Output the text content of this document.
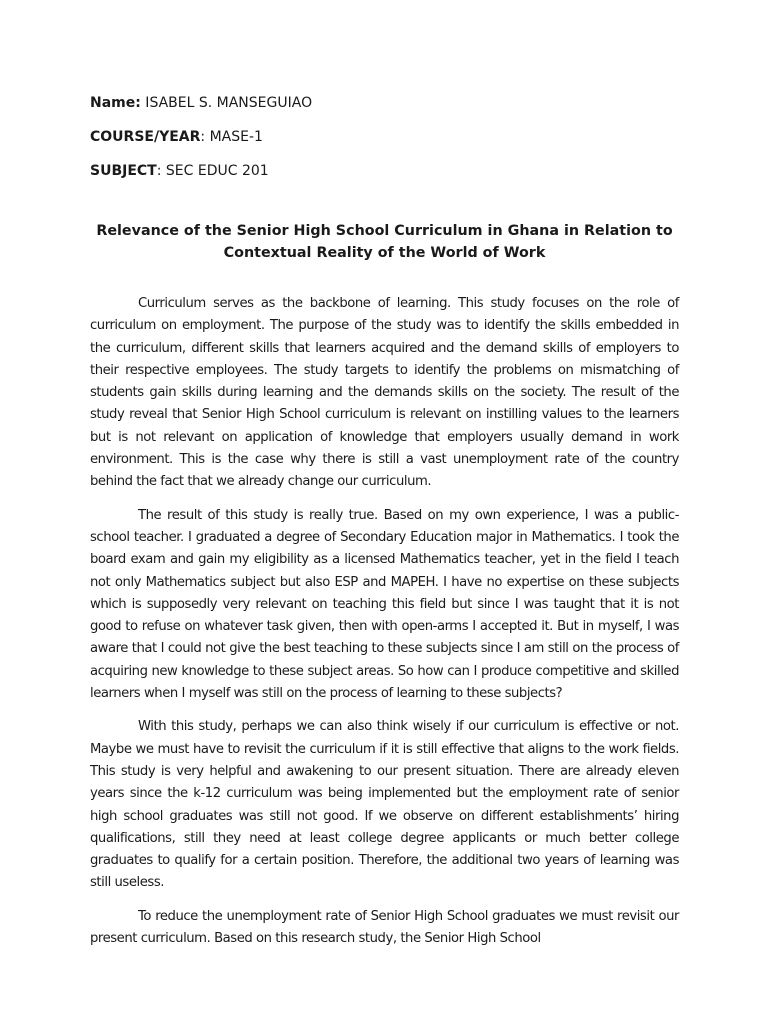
Name: ISABEL S. MANSEGUIAO
COURSE/YEAR: MASE-1
SUBJECT: SEC EDUC 201
Relevance of the Senior High School Curriculum in Ghana in Relation to
Contextual Reality of the World of Work

Curriculum serves as the backbone of learning. This study focuses on the role of curriculum on employment. The purpose of the study was to identify the skills embedded in the curriculum, different skills that learners acquired and the demand skills of employers to their respective employees. The study targets to identify the problems on mismatching of students gain skills during learning and the demands skills on the society. The result of the study reveal that Senior High School curriculum is relevant on instilling values to the learners but is not relevant on application of knowledge that employers usually demand in work environment. This is the case why there is still a vast unemployment rate of the country behind the fact that we already change our curriculum.

The result of this study is really true. Based on my own experience, I was a public-school teacher. I graduated a degree of Secondary Education major in Mathematics. I took the board exam and gain my eligibility as a licensed Mathematics teacher, yet in the field I teach not only Mathematics subject but also ESP and MAPEH. I have no expertise on these subjects which is supposedly very relevant on teaching this field but since I was taught that it is not good to refuse on whatever task given, then with open-arms I accepted it. But in myself, I was aware that I could not give the best teaching to these subjects since I am still on the process of acquiring new knowledge to these subject areas. So how can I produce competitive and skilled learners when I myself was still on the process of learning to these subjects?

With this study, perhaps we can also think wisely if our curriculum is effective or not. Maybe we must have to revisit the curriculum if it is still effective that aligns to the work fields. This study is very helpful and awakening to our present situation. There are already eleven years since the k-12 curriculum was being implemented but the employment rate of senior high school graduates was still not good. If we observe on different establishments’ hiring qualifications, still they need at least college degree applicants or much better college graduates to qualify for a certain position. Therefore, the additional two years of learning was still useless.

To reduce the unemployment rate of Senior High School graduates we must revisit our present curriculum. Based on this research study, the Senior High School
